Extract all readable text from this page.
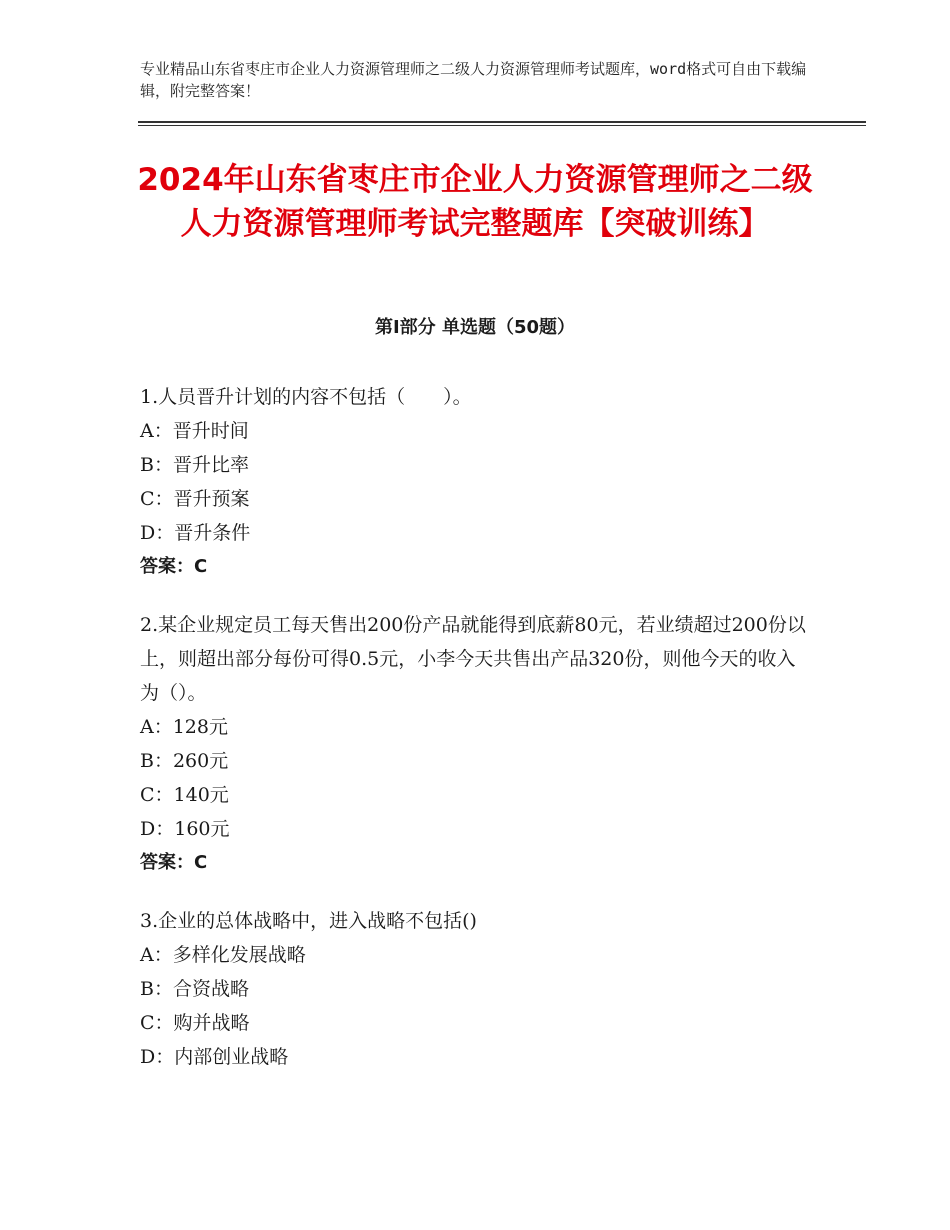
专业精品山东省枣庄市企业人力资源管理师之二级人力资源管理师考试题库，word格式可自由下载编辑，附完整答案！
2024年山东省枣庄市企业人力资源管理师之二级人力资源管理师考试完整题库【突破训练】
第Ⅰ部分 单选题（50题）

1.人员晋升计划的内容不包括（　　）。

A：晋升时间

B：晋升比率

C：晋升预案

D：晋升条件

答案：C

2.某企业规定员工每天售出200份产品就能得到底薪80元，若业绩超过200份以上，则超出部分每份可得0.5元，小李今天共售出产品320份，则他今天的收入为（）。

A：128元

B：260元

C：140元

D：160元

答案：C

3.企业的总体战略中，进入战略不包括()

A：多样化发展战略

B：合资战略

C：购并战略

D：内部创业战略
